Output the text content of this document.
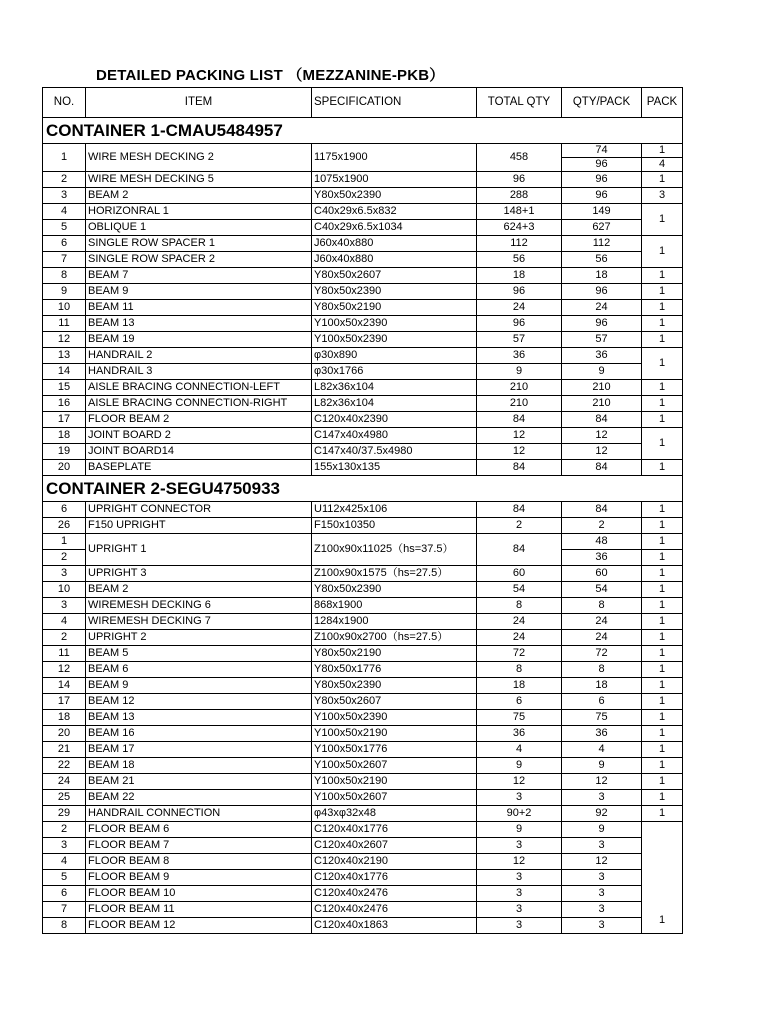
DETAILED PACKING LIST （MEZZANINE-PKB）
NO.	ITEM	SPECIFICATION	TOTAL QTY	QTY/PACK	PACK
CONTAINER 1-CMAU5484957					
1	WIRE MESH DECKING 2	1175x1900	458	74	1
				96	4
2	WIRE MESH DECKING 5	1075x1900	96	96	1
3	BEAM 2	Y80x50x2390	288	96	3
4	HORIZONRAL 1	C40x29x6.5x832	148+1	149	1
5	OBLIQUE 1	C40x29x6.5x1034	624+3	627	
6	SINGLE ROW SPACER 1	J60x40x880	112	112	1
7	SINGLE ROW SPACER 2	J60x40x880	56	56	
8	BEAM 7	Y80x50x2607	18	18	1
9	BEAM 9	Y80x50x2390	96	96	1
10	BEAM 11	Y80x50x2190	24	24	1
11	BEAM 13	Y100x50x2390	96	96	1
12	BEAM 19	Y100x50x2390	57	57	1
13	HANDRAIL 2	φ30x890	36	36	1
14	HANDRAIL 3	φ30x1766	9	9	
15	AISLE BRACING CONNECTION-LEFT	L82x36x104	210	210	1
16	AISLE BRACING CONNECTION-RIGHT	L82x36x104	210	210	1
17	FLOOR BEAM 2	C120x40x2390	84	84	1
18	JOINT BOARD 2	C147x40x4980	12	12	1
19	JOINT BOARD14	C147x40/37.5x4980	12	12	
20	BASEPLATE	155x130x135	84	84	1
CONTAINER 2-SEGU4750933					
6	UPRIGHT CONNECTOR	U112x425x106	84	84	1
26	F150 UPRIGHT	F150x10350	2	2	1
1	UPRIGHT 1	Z100x90x11025（hs=37.5）	84	48	1
2				36	1
3	UPRIGHT 3	Z100x90x1575（hs=27.5）	60	60	1
10	BEAM 2	Y80x50x2390	54	54	1
3	WIREMESH DECKING 6	868x1900	8	8	1
4	WIREMESH DECKING 7	1284x1900	24	24	1
2	UPRIGHT 2	Z100x90x2700（hs=27.5）	24	24	1
11	BEAM 5	Y80x50x2190	72	72	1
12	BEAM 6	Y80x50x1776	8	8	1
14	BEAM 9	Y80x50x2390	18	18	1
17	BEAM 12	Y80x50x2607	6	6	1
18	BEAM 13	Y100x50x2390	75	75	1
20	BEAM 16	Y100x50x2190	36	36	1
21	BEAM 17	Y100x50x1776	4	4	1
22	BEAM 18	Y100x50x2607	9	9	1
24	BEAM 21	Y100x50x2190	12	12	1
25	BEAM 22	Y100x50x2607	3	3	1
29	HANDRAIL CONNECTION	φ43xφ32x48	90+2	92	1
2	FLOOR BEAM 6	C120x40x1776	9	9	1
3	FLOOR BEAM 7	C120x40x2607	3	3	
4	FLOOR BEAM 8	C120x40x2190	12	12	
5	FLOOR BEAM 9	C120x40x1776	3	3	
6	FLOOR BEAM 10	C120x40x2476	3	3	
7	FLOOR BEAM 11	C120x40x2476	3	3	
8	FLOOR BEAM 12	C120x40x1863	3	3	
